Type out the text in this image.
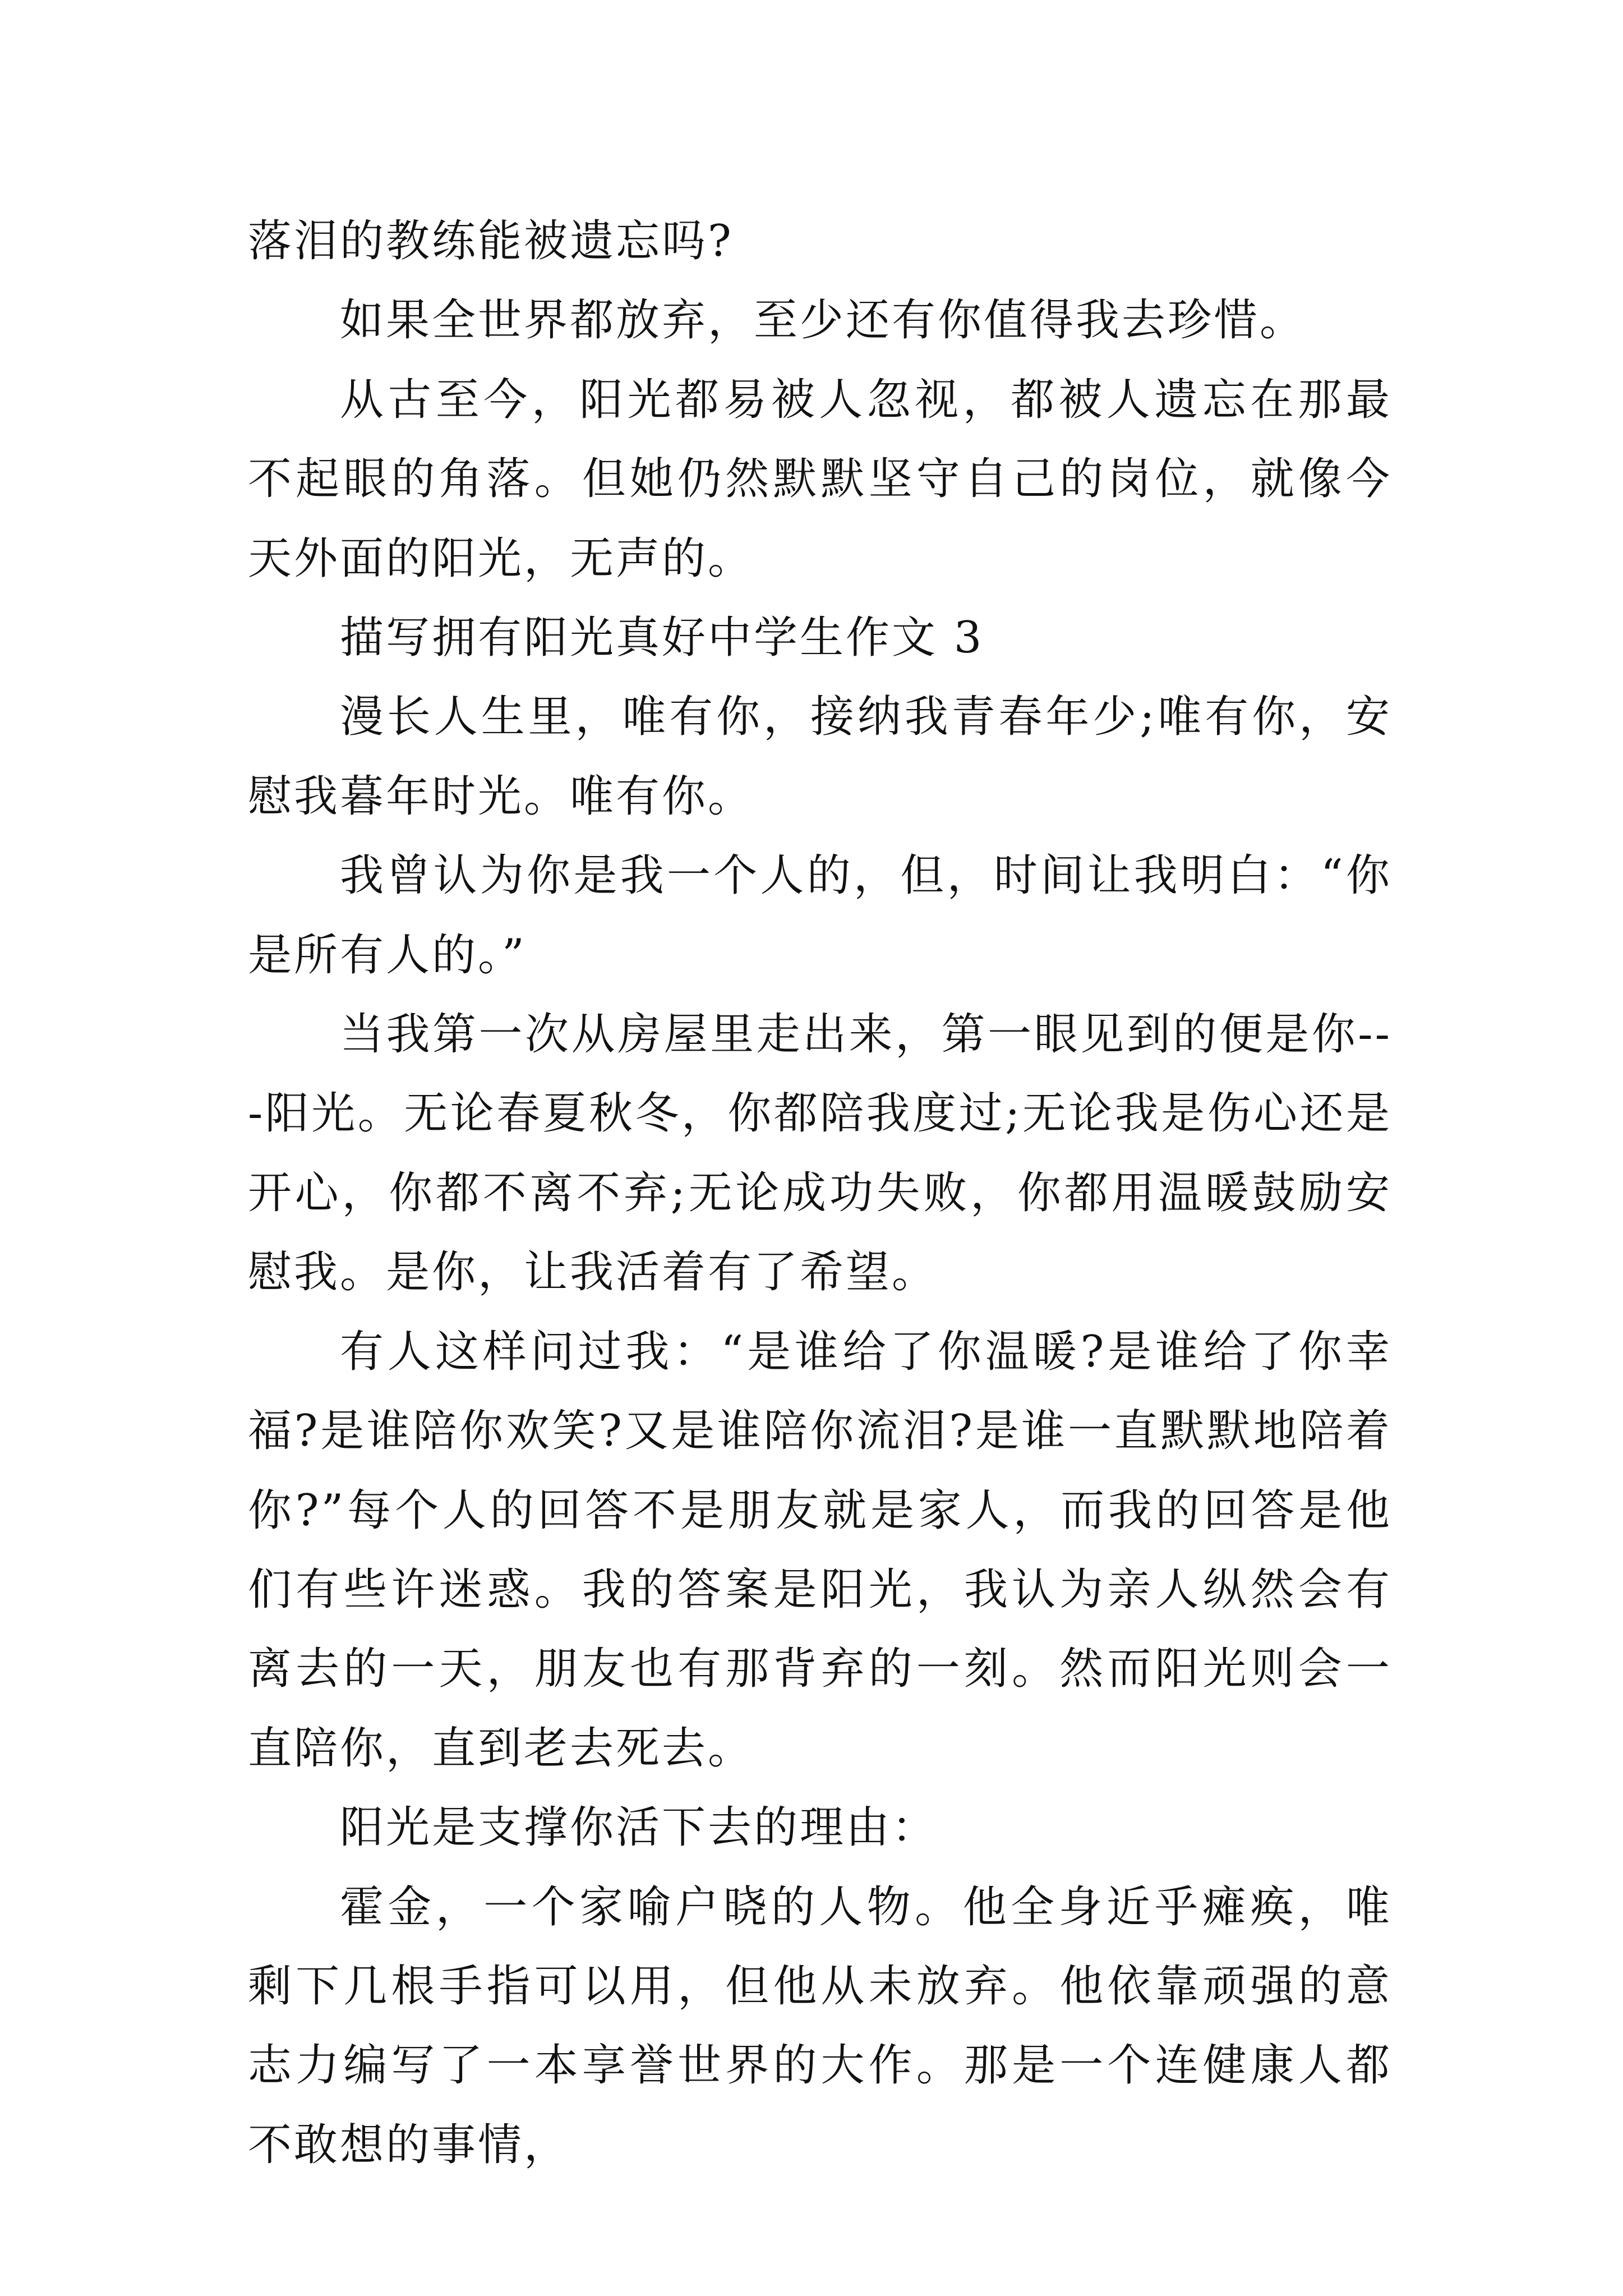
落泪的教练能被遗忘吗?

如果全世界都放弃，至少还有你值得我去珍惜。

从古至今，阳光都易被人忽视，都被人遗忘在那最不起眼的角落。但她仍然默默坚守自己的岗位，就像今天外面的阳光，无声的。

描写拥有阳光真好中学生作文 3

漫长人生里，唯有你，接纳我青春年少;唯有你，安慰我暮年时光。唯有你。

我曾认为你是我一个人的，但，时间让我明白：“你是所有人的。”

当我第一次从房屋里走出来，第一眼见到的便是你---阳光。无论春夏秋冬，你都陪我度过;无论我是伤心还是开心，你都不离不弃;无论成功失败，你都用温暖鼓励安慰我。是你，让我活着有了希望。

有人这样问过我：“是谁给了你温暖?是谁给了你幸福?是谁陪你欢笑?又是谁陪你流泪?是谁一直默默地陪着你?”每个人的回答不是朋友就是家人，而我的回答是他们有些许迷惑。我的答案是阳光，我认为亲人纵然会有离去的一天，朋友也有那背弃的一刻。然而阳光则会一直陪你，直到老去死去。

阳光是支撑你活下去的理由：

霍金，一个家喻户晓的人物。他全身近乎瘫痪，唯剩下几根手指可以用，但他从未放弃。他依靠顽强的意志力编写了一本享誉世界的大作。那是一个连健康人都不敢想的事情，
